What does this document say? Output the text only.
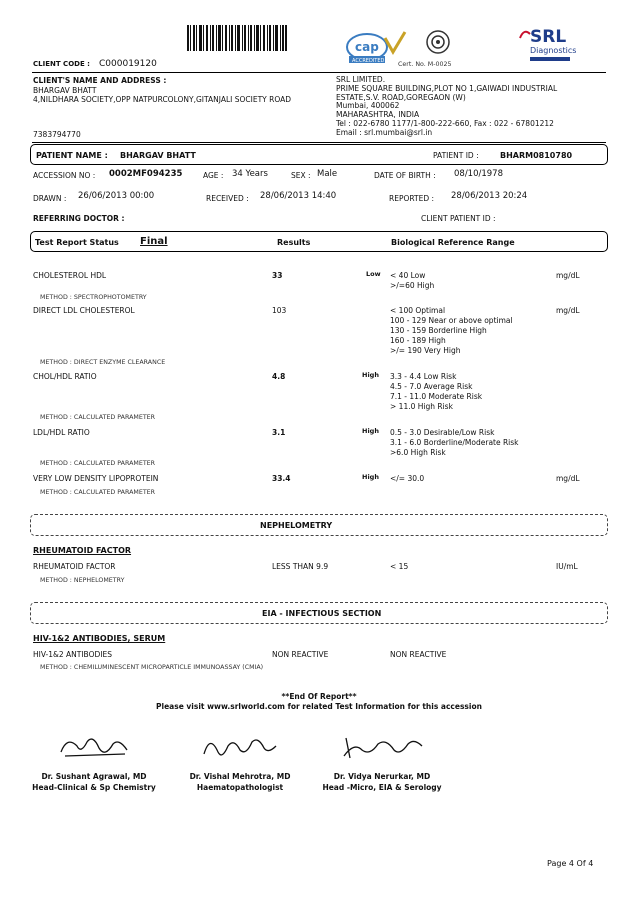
CLIENT CODE : C000019120
cap
ACCREDITED Cert. No. M-0025
SRL
Diagnostics
CLIENT'S NAME AND ADDRESS :
BHARGAV BHATT
4,NILDHARA SOCIETY,OPP NATPURCOLONY,GITANJALI SOCIETY ROAD
7383794770
SRL LIMITED.
PRIME SQUARE BUILDING,PLOT NO 1,GAIWADI INDUSTRIAL
ESTATE,S.V. ROAD,GOREGAON (W)
Mumbai, 400062
MAHARASHTRA, INDIA
Tel : 022-6780 1177/1-800-222-660, Fax : 022 - 67801212
Email : srl.mumbai@srl.in
PATIENT NAME : BHARGAV BHATT	PATIENT ID :	BHARM0810780
ACCESSION NO : 0002MF094235	AGE : 34 Years	SEX : Male	DATE OF BIRTH : 08/10/1978
DRAWN : 26/06/2013 00:00	RECEIVED : 28/06/2013 14:40	REPORTED : 28/06/2013 20:24
REFERRING DOCTOR :	CLIENT PATIENT ID :
Test Report Status Final	Results	Biological Reference Range
CHOLESTEROL HDL	33	Low < 40 Low
>/=60 High
mg/dL
METHOD : SPECTROPHOTOMETRY
DIRECT LDL CHOLESTEROL	103	< 100 Optimal
100 - 129 Near or above optimal
130 - 159 Borderline High
160 - 189 High
>/= 190 Very High
mg/dL
METHOD : DIRECT ENZYME CLEARANCE
CHOL/HDL RATIO	4.8	High 3.3 - 4.4 Low Risk
4.5 - 7.0 Average Risk
7.1 - 11.0 Moderate Risk
> 11.0 High Risk
METHOD : CALCULATED PARAMETER
LDL/HDL RATIO	3.1	High 0.5 - 3.0 Desirable/Low Risk
3.1 - 6.0 Borderline/Moderate Risk
>6.0 High Risk
METHOD : CALCULATED PARAMETER
VERY LOW DENSITY LIPOPROTEIN	33.4	High </= 30.0	mg/dL
METHOD : CALCULATED PARAMETER
NEPHELOMETRY
RHEUMATOID FACTOR
RHEUMATOID FACTOR	LESS THAN 9.9	< 15	IU/mL
METHOD : NEPHELOMETRY
EIA - INFECTIOUS SECTION
HIV-1&2 ANTIBODIES, SERUM
HIV-1&2 ANTIBODIES	NON REACTIVE	NON REACTIVE
METHOD : CHEMILUMINESCENT MICROPARTICLE IMMUNOASSAY (CMIA)
**End Of Report**
Please visit www.srlworld.com for related Test Information for this accession
Dr. Sushant Agrawal, MD
Head-Clinical & Sp Chemistry
Dr. Vishal Mehrotra, MD
Haematopathologist
Dr. Vidya Nerurkar, MD
Head -Micro, EIA & Serology
Page 4 Of 4
